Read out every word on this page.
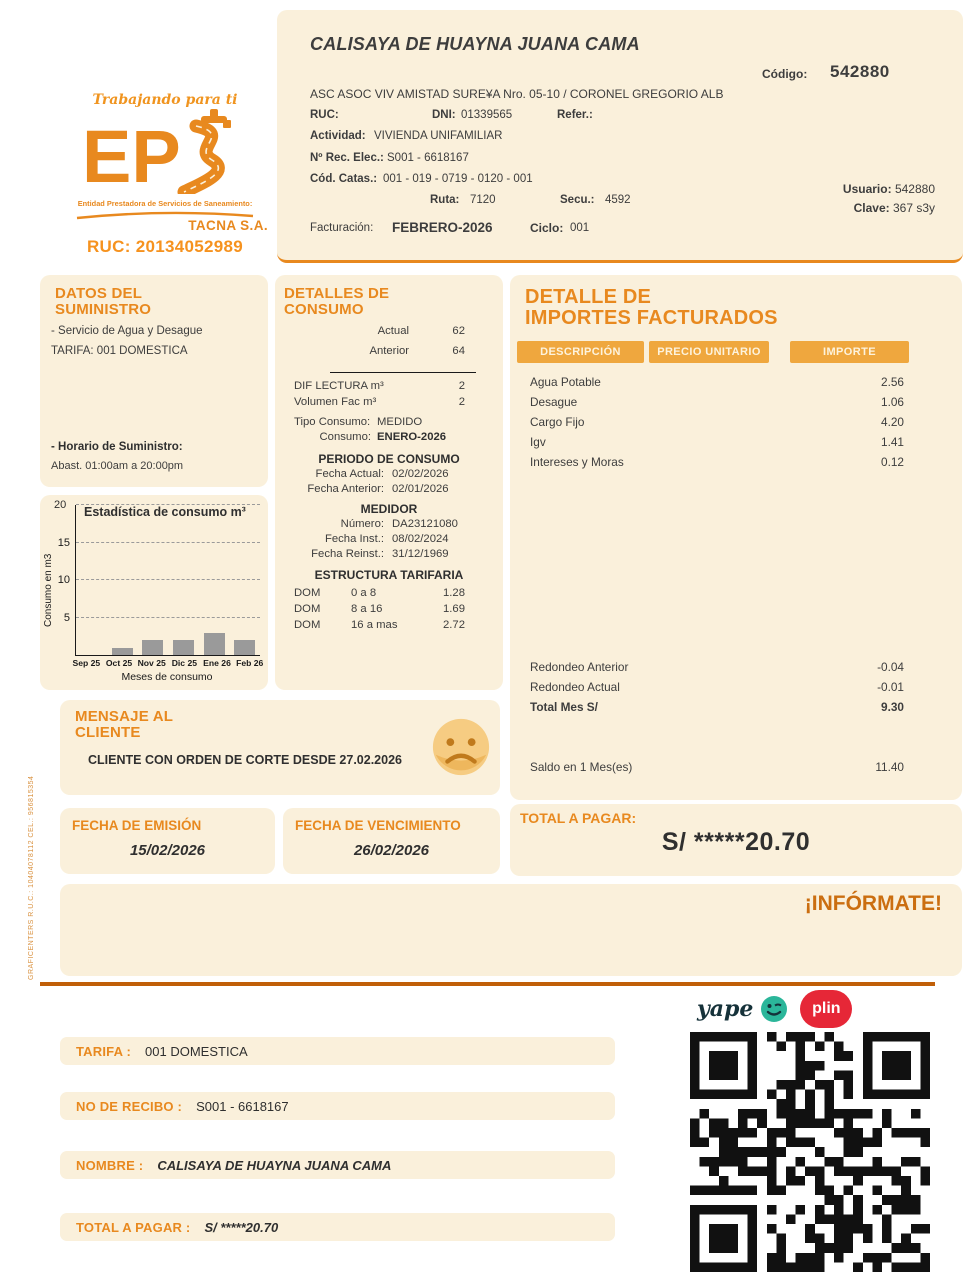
Trabajando para ti
EP
Entidad Prestadora de Servicios de Saneamiento:
TACNA S.A.
RUC: 20134052989
CALISAYA DE HUAYNA JUANA CAMA
Código: 542880
ASC ASOC VIV AMISTAD SURE¥A Nro. 05-10 / CORONEL GREGORIO ALB
RUC:	DNI: 01339565	Refer.:
Actividad: VIVIENDA UNIFAMILIAR
Nº Rec. Elec.: S001 - 6618167
Cód. Catas.: 001 - 019 - 0719 - 0120 - 001
Ruta: 7120	Secu.: 4592
Usuario: 542880
Clave: 367 s3y
Facturación: FEBRERO-2026	Ciclo: 001
DATOS DEL
SUMINISTRO
- Servicio de Agua y Desague
TARIFA: 001 DOMESTICA
- Horario de Suministro:
Abast. 01:00am a 20:00pm
Estadística de consumo m³
Consumo en m3 5
10
15
20
Sep 25 Oct 25 Nov 25 Dic 25 Ene 26 Feb 26
Meses de consumo
DETALLES DE
CONSUMO
Actual	62
Anterior	64
DIF LECTURA m³	2
Volumen Fac m³	2
Tipo Consumo: MEDIDO
Consumo: ENERO-2026
PERIODO DE CONSUMO
Fecha Actual: 02/02/2026
Fecha Anterior: 02/01/2026
MEDIDOR
Número: DA23121080
Fecha Inst.: 08/02/2024
Fecha Reinst.: 31/12/1969
ESTRUCTURA TARIFARIA
DOM	0 a 8	1.28
DOM	8 a 16	1.69
DOM	16 a mas	2.72
DETALLE DE
IMPORTES FACTURADOS
DESCRIPCIÓN	PRECIO UNITARIO	IMPORTE
Agua Potable	2.56
Desague	1.06
Cargo Fijo	4.20
Igv	1.41
Intereses y Moras	0.12
Redondeo Anterior	-0.04
Redondeo Actual	-0.01
Total Mes S/	9.30
Saldo en 1 Mes(es)	11.40
MENSAJE AL
CLIENTE
CLIENTE CON ORDEN DE CORTE DESDE 27.02.2026
FECHA DE EMISIÓN
15/02/2026
FECHA DE VENCIMIENTO
26/02/2026
TOTAL A PAGAR:
S/ *****20.70
¡INFÓRMATE!
GRAFICENTERS R.U.C.: 10404078112 CEL.: 956815354
yape	plin
TARIFA : 001 DOMESTICA
NO DE RECIBO : S001 - 6618167
NOMBRE : CALISAYA DE HUAYNA JUANA CAMA
TOTAL A PAGAR : S/ *****20.70
